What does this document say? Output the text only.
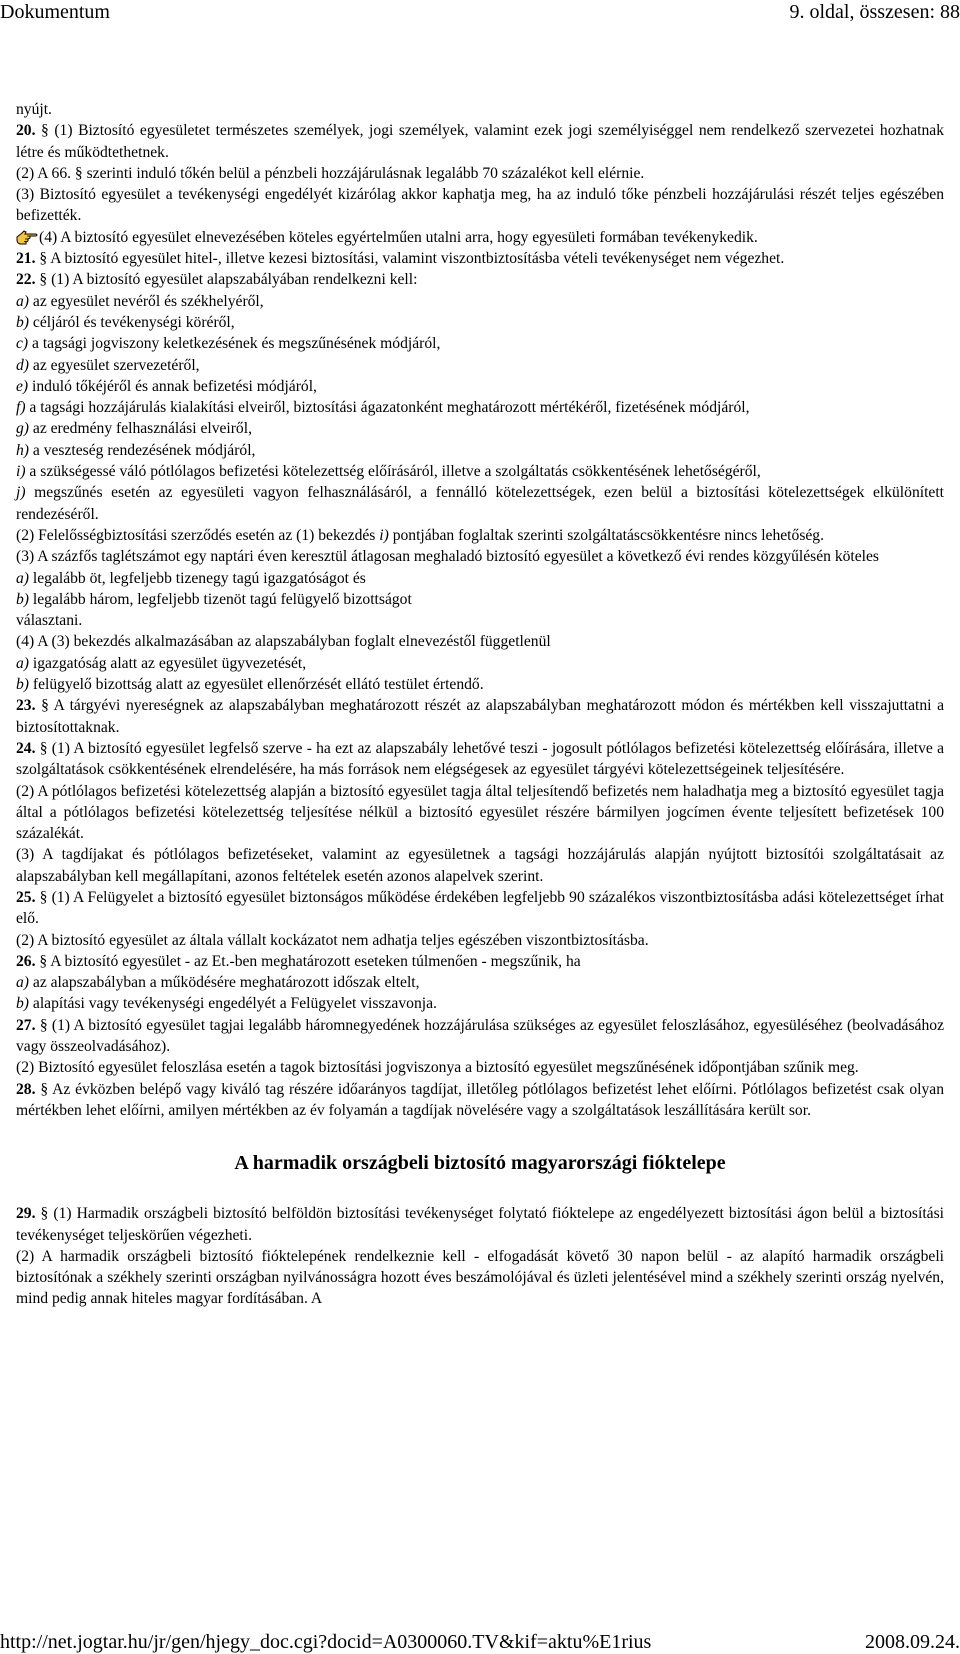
Dokumentum	9. oldal, összesen: 88
nyújt.
20. § (1) Biztosító egyesületet természetes személyek, jogi személyek, valamint ezek jogi személyiséggel nem rendelkező szervezetei hozhatnak létre és működtethetnek.
(2) A 66. § szerinti induló tőkén belül a pénzbeli hozzájárulásnak legalább 70 százalékot kell elérnie.
(3) Biztosító egyesület a tevékenységi engedélyét kizárólag akkor kaphatja meg, ha az induló tőke pénzbeli hozzájárulási részét teljes egészében befizették.
(4) A biztosító egyesület elnevezésében köteles egyértelműen utalni arra, hogy egyesületi formában tevékenykedik.
21. § A biztosító egyesület hitel-, illetve kezesi biztosítási, valamint viszontbiztosításba vételi tevékenységet nem végezhet.
22. § (1) A biztosító egyesület alapszabályában rendelkezni kell:
a) az egyesület nevéről és székhelyéről,
b) céljáról és tevékenységi köréről,
c) a tagsági jogviszony keletkezésének és megszűnésének módjáról,
d) az egyesület szervezetéről,
e) induló tőkéjéről és annak befizetési módjáról,
f) a tagsági hozzájárulás kialakítási elveiről, biztosítási ágazatonként meghatározott mértékéről, fizetésének módjáról,
g) az eredmény felhasználási elveiről,
h) a veszteség rendezésének módjáról,
i) a szükségessé váló pótlólagos befizetési kötelezettség előírásáról, illetve a szolgáltatás csökkentésének lehetőségéről,
j) megszűnés esetén az egyesületi vagyon felhasználásáról, a fennálló kötelezettségek, ezen belül a biztosítási kötelezettségek elkülönített rendezéséről.
(2) Felelősségbiztosítási szerződés esetén az (1) bekezdés i) pontjában foglaltak szerinti szolgáltatáscsökkentésre nincs lehetőség.
(3) A százfős taglétszámot egy naptári éven keresztül átlagosan meghaladó biztosító egyesület a következő évi rendes közgyűlésén köteles
a) legalább öt, legfeljebb tizenegy tagú igazgatóságot és
b) legalább három, legfeljebb tizenöt tagú felügyelő bizottságot
választani.
(4) A (3) bekezdés alkalmazásában az alapszabályban foglalt elnevezéstől függetlenül
a) igazgatóság alatt az egyesület ügyvezetését,
b) felügyelő bizottság alatt az egyesület ellenőrzését ellátó testület értendő.
23. § A tárgyévi nyereségnek az alapszabályban meghatározott részét az alapszabályban meghatározott módon és mértékben kell visszajuttatni a biztosítottaknak.
24. § (1) A biztosító egyesület legfelső szerve - ha ezt az alapszabály lehetővé teszi - jogosult pótlólagos befizetési kötelezettség előírására, illetve a szolgáltatások csökkentésének elrendelésére, ha más források nem elégségesek az egyesület tárgyévi kötelezettségeinek teljesítésére.
(2) A pótlólagos befizetési kötelezettség alapján a biztosító egyesület tagja által teljesítendő befizetés nem haladhatja meg a biztosító egyesület tagja által a pótlólagos befizetési kötelezettség teljesítése nélkül a biztosító egyesület részére bármilyen jogcímen évente teljesített befizetések 100 százalékát.
(3) A tagdíjakat és pótlólagos befizetéseket, valamint az egyesületnek a tagsági hozzájárulás alapján nyújtott biztosítói szolgáltatásait az alapszabályban kell megállapítani, azonos feltételek esetén azonos alapelvek szerint.
25. § (1) A Felügyelet a biztosító egyesület biztonságos működése érdekében legfeljebb 90 százalékos viszontbiztosításba adási kötelezettséget írhat elő.
(2) A biztosító egyesület az általa vállalt kockázatot nem adhatja teljes egészében viszontbiztosításba.
26. § A biztosító egyesület - az Et.-ben meghatározott eseteken túlmenően - megszűnik, ha
a) az alapszabályban a működésére meghatározott időszak eltelt,
b) alapítási vagy tevékenységi engedélyét a Felügyelet visszavonja.
27. § (1) A biztosító egyesület tagjai legalább háromnegyedének hozzájárulása szükséges az egyesület feloszlásához, egyesüléséhez (beolvadásához vagy összeolvadásához).
(2) Biztosító egyesület feloszlása esetén a tagok biztosítási jogviszonya a biztosító egyesület megszűnésének időpontjában szűnik meg.
28. § Az évközben belépő vagy kiváló tag részére időarányos tagdíjat, illetőleg pótlólagos befizetést lehet előírni. Pótlólagos befizetést csak olyan mértékben lehet előírni, amilyen mértékben az év folyamán a tagdíjak növelésére vagy a szolgáltatások leszállítására került sor.
A harmadik országbeli biztosító magyarországi fióktelepe
29. § (1) Harmadik országbeli biztosító belföldön biztosítási tevékenységet folytató fióktelepe az engedélyezett biztosítási ágon belül a biztosítási tevékenységet teljeskörűen végezheti.
(2) A harmadik országbeli biztosító fióktelepének rendelkeznie kell - elfogadását követő 30 napon belül - az alapító harmadik országbeli biztosítónak a székhely szerinti országban nyilvánosságra hozott éves beszámolójával és üzleti jelentésével mind a székhely szerinti ország nyelvén, mind pedig annak hiteles magyar fordításában. A
http://net.jogtar.hu/jr/gen/hjegy_doc.cgi?docid=A0300060.TV&kif=aktu%E1rius	2008.09.24.
